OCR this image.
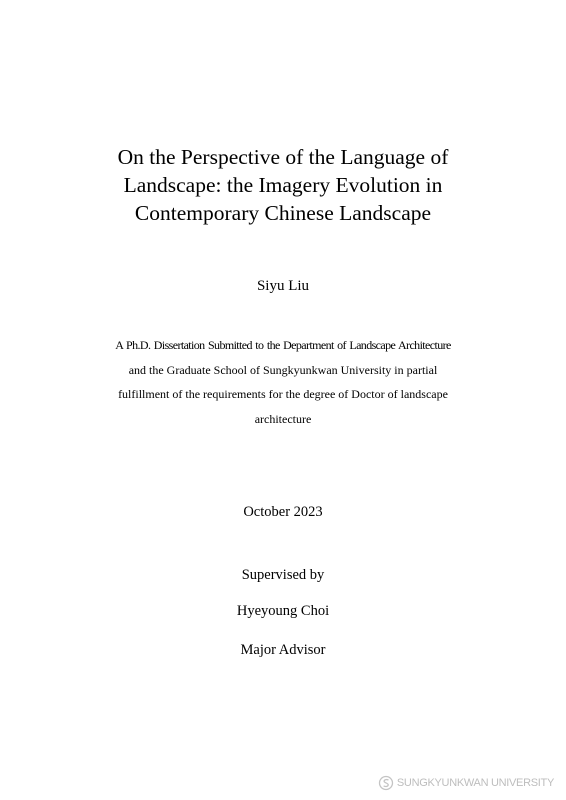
On the Perspective of the Language of
Landscape: the Imagery Evolution in
Contemporary Chinese Landscape
Siyu Liu
A Ph.D. Dissertation Submitted to the Department of Landscape Architecture
and the Graduate School of Sungkyunkwan University in partial
fulfillment of the requirements for the degree of Doctor of landscape
architecture
October 2023
Supervised by
Hyeyoung Choi
Major Advisor
SUNGKYUNKWAN UNIVERSITY
